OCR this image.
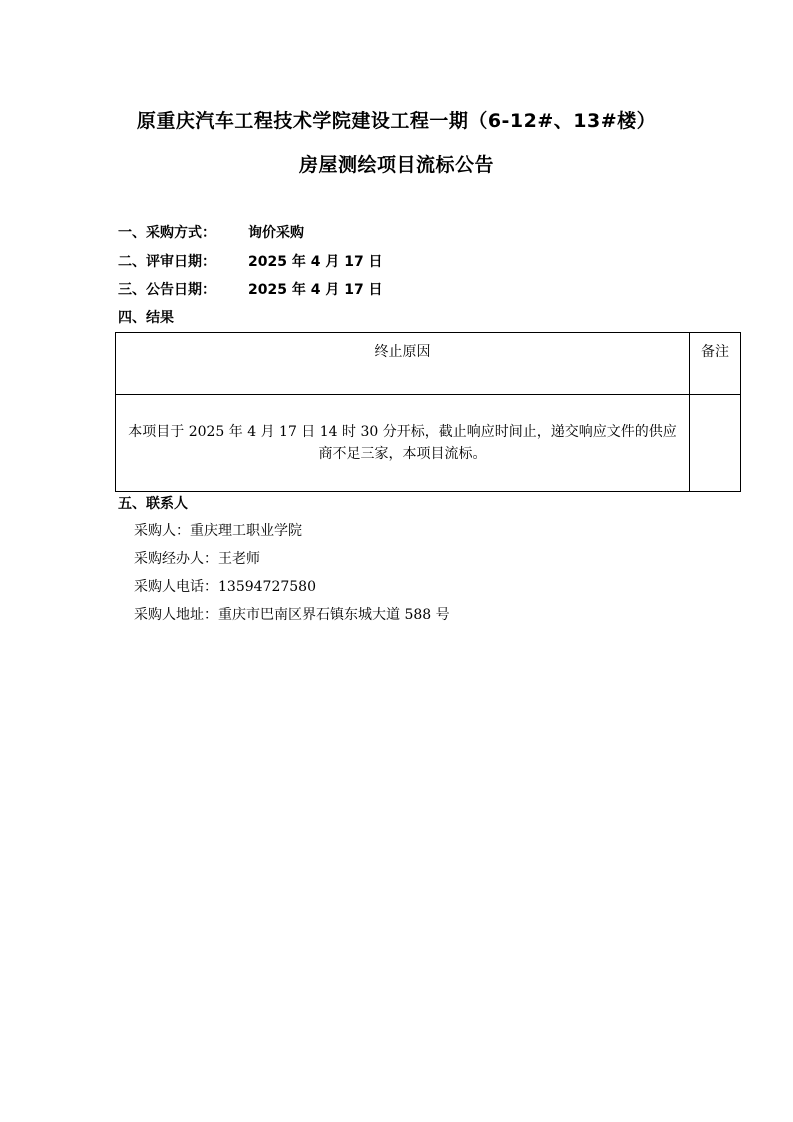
原重庆汽车工程技术学院建设工程一期（6-12#、13#楼）
房屋测绘项目流标公告
一、采购方式： 询价采购
二、评审日期： 2025 年 4 月 17 日
三、公告日期： 2025 年 4 月 17 日
四、结果
终止原因	备注
本项目于 2025 年 4 月 17 日 14 时 30 分开标，截止响应时间止，递交响应文件的供应商不足三家，本项目流标。	
五、联系人
采购人：重庆理工职业学院
采购经办人：王老师
采购人电话：13594727580
采购人地址：重庆市巴南区界石镇东城大道 588 号
